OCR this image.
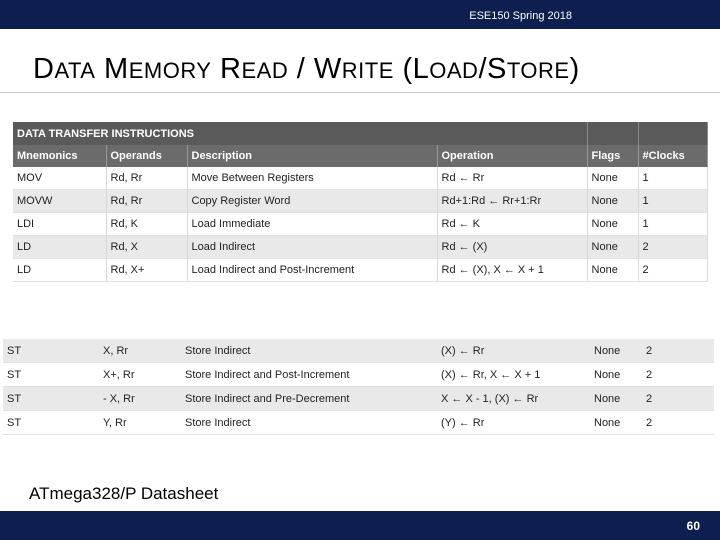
ESE150 Spring 2018
DATA MEMORY READ / WRITE (LOAD/STORE)
DATA TRANSFER INSTRUCTIONS					
Mnemonics	Operands	Description	Operation	Flags	#Clocks
MOV	Rd, Rr	Move Between Registers	Rd ← Rr	None	1
MOVW	Rd, Rr	Copy Register Word	Rd+1:Rd ← Rr+1:Rr	None	1
LDI	Rd, K	Load Immediate	Rd ← K	None	1
LD	Rd, X	Load Indirect	Rd ← (X)	None	2
LD	Rd, X+	Load Indirect and Post-Increment	Rd ← (X), X ← X + 1	None	2
ST	X, Rr	Store Indirect	(X) ← Rr	None	2
ST	X+, Rr	Store Indirect and Post-Increment	(X) ← Rr, X ← X + 1	None	2
ST	- X, Rr	Store Indirect and Pre-Decrement	X ← X - 1, (X) ← Rr	None	2
ST	Y, Rr	Store Indirect	(Y) ← Rr	None	2
ATmega328/P Datasheet
60
